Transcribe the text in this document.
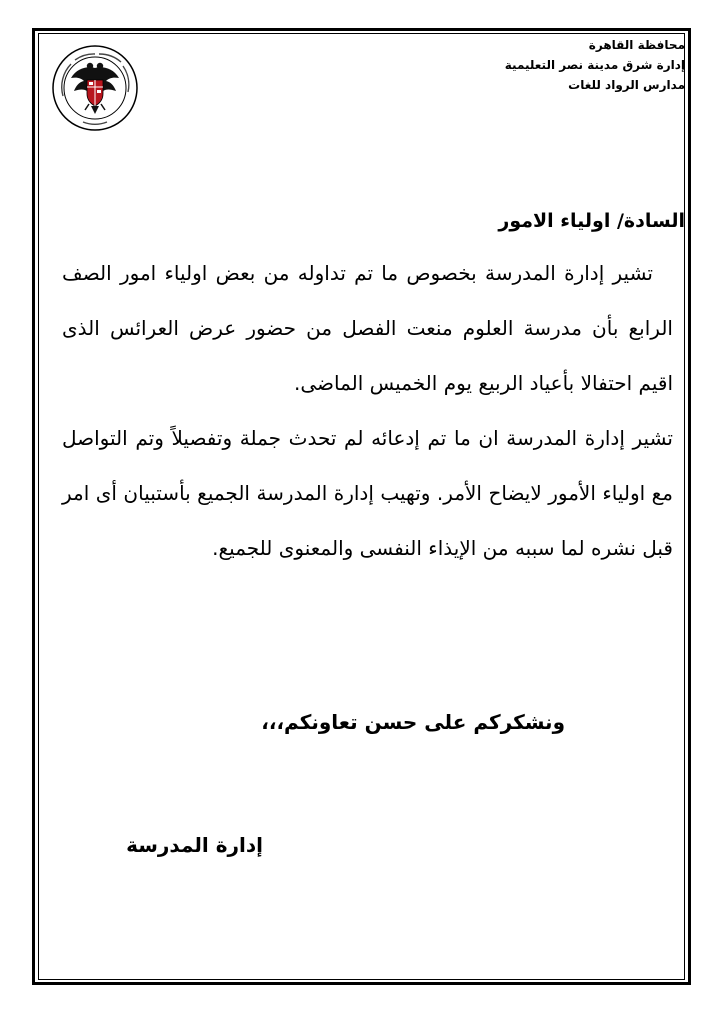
محافظة القاهرة
إدارة شرق مدينة نصر التعليمية
مدارس الرواد للغات
السادة/ اولياء الامور

تشير إدارة المدرسة بخصوص ما تم تداوله من بعض اولياء امور الصف الرابع بأن مدرسة العلوم منعت الفصل من حضور عرض العرائس الذى اقيم احتفالا بأعياد الربيع يوم الخميس الماضى.

تشير إدارة المدرسة ان ما تم إدعائه لم تحدث جملة وتفصيلاً وتم التواصل مع اولياء الأمور لايضاح الأمر. وتهيب إدارة المدرسة الجميع بأستبيان أى امر قبل نشره لما سببه من الإيذاء النفسى والمعنوى للجميع.

ونشكركم على حسن تعاونكم،،،
إدارة المدرسة
